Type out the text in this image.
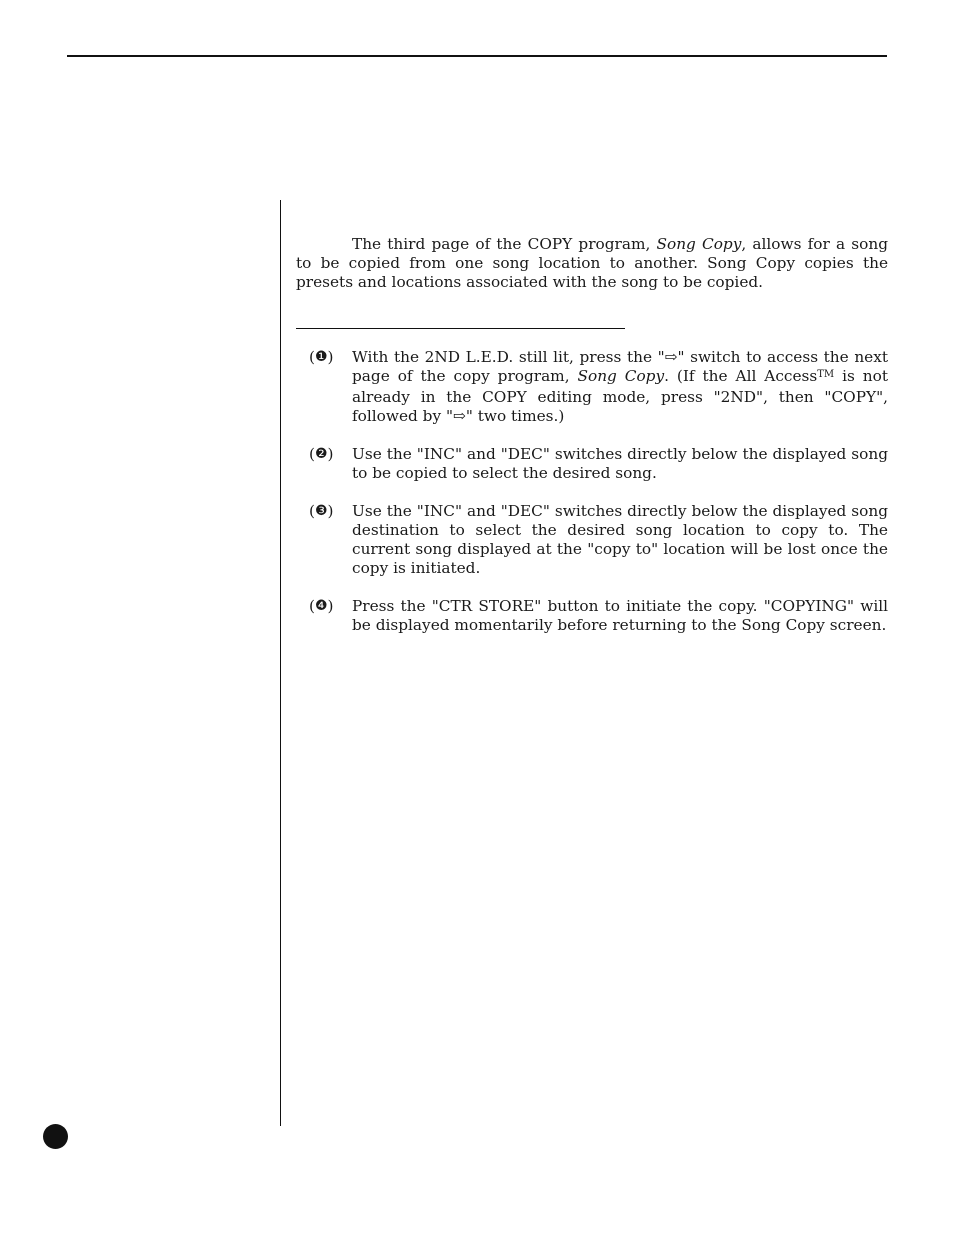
The third page of the COPY program, Song Copy, allows for a song to be copied from one song location to another. Song Copy copies the presets and locations associated with the song to be copied.

(❶)	With the 2ND L.E.D. still lit, press the "⇨" switch to access the next page of the copy program, Song Copy. (If the All Access™ is not already in the COPY editing mode, press "2ND", then "COPY", followed by "⇨" two times.)
(❷)	Use the "INC" and "DEC" switches directly below the displayed song to be copied to select the desired song.
(❸)	Use the "INC" and "DEC" switches directly below the displayed song destination to select the desired song location to copy to. The current song displayed at the "copy to" location will be lost once the copy is initiated.
(❹)	Press the "CTR STORE" button to initiate the copy. "COPYING" will be displayed momentarily before returning to the Song Copy screen.
